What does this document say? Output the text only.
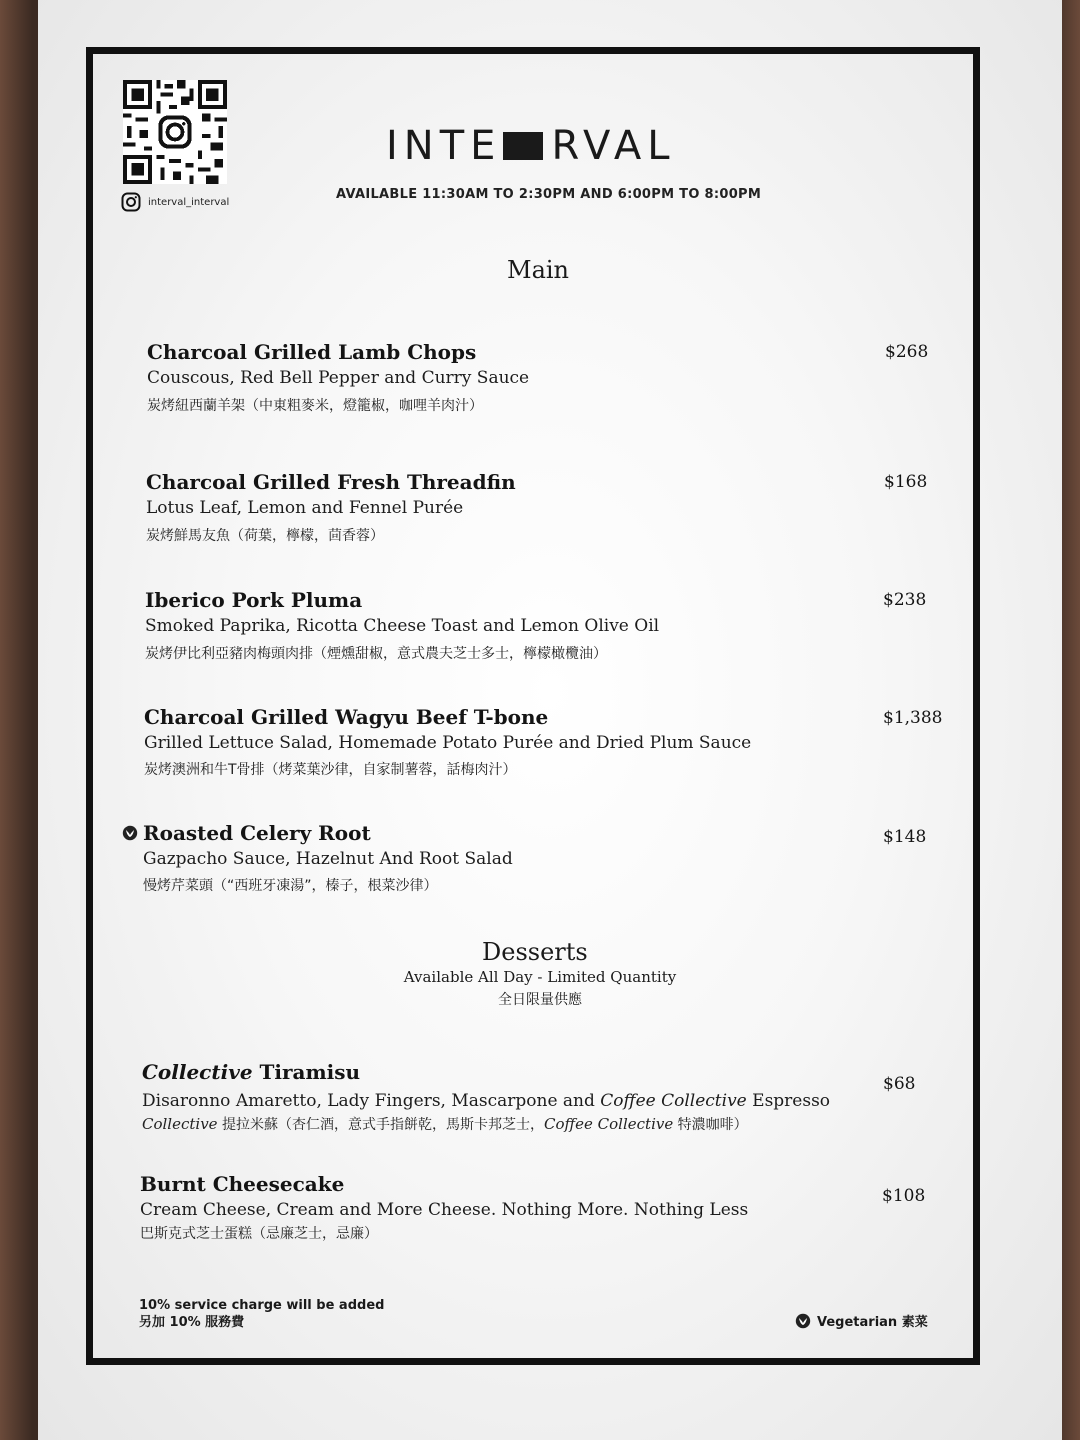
interval_interval
INTE RVAL
AVAILABLE 11:30AM TO 2:30PM AND 6:00PM TO 8:00PM
Main
Charcoal Grilled Lamb Chops
Couscous, Red Bell Pepper and Curry Sauce
炭烤紐西蘭羊架（中東粗麥米，燈籠椒，咖哩羊肉汁）
$268
Charcoal Grilled Fresh Threadfin
Lotus Leaf, Lemon and Fennel Purée
炭烤鮮馬友魚（荷葉，檸檬，茴香蓉）
$168
Iberico Pork Pluma
Smoked Paprika, Ricotta Cheese Toast and Lemon Olive Oil
炭烤伊比利亞豬肉梅頭肉排（煙燻甜椒，意式農夫芝士多士，檸檬橄欖油）
$238
Charcoal Grilled Wagyu Beef T-bone
Grilled Lettuce Salad, Homemade Potato Purée and Dried Plum Sauce
炭烤澳洲和牛T骨排（烤菜葉沙律，自家制薯蓉，話梅肉汁）
$1,388
Roasted Celery Root
Gazpacho Sauce, Hazelnut And Root Salad
慢烤芹菜頭（“西班牙凍湯”，榛子，根菜沙律）
$148
Desserts
Available All Day - Limited Quantity
全日限量供應
Collective Tiramisu
Disaronno Amaretto, Lady Fingers, Mascarpone and Coffee Collective Espresso
Collective 提拉米蘇（杏仁酒，意式手指餅乾，馬斯卡邦芝士，Coffee Collective 特濃咖啡）
$68
Burnt Cheesecake
Cream Cheese, Cream and More Cheese. Nothing More. Nothing Less
巴斯克式芝士蛋糕（忌廉芝士，忌廉）
$108
10% service charge will be added
另加 10% 服務費	Vegetarian 素菜
